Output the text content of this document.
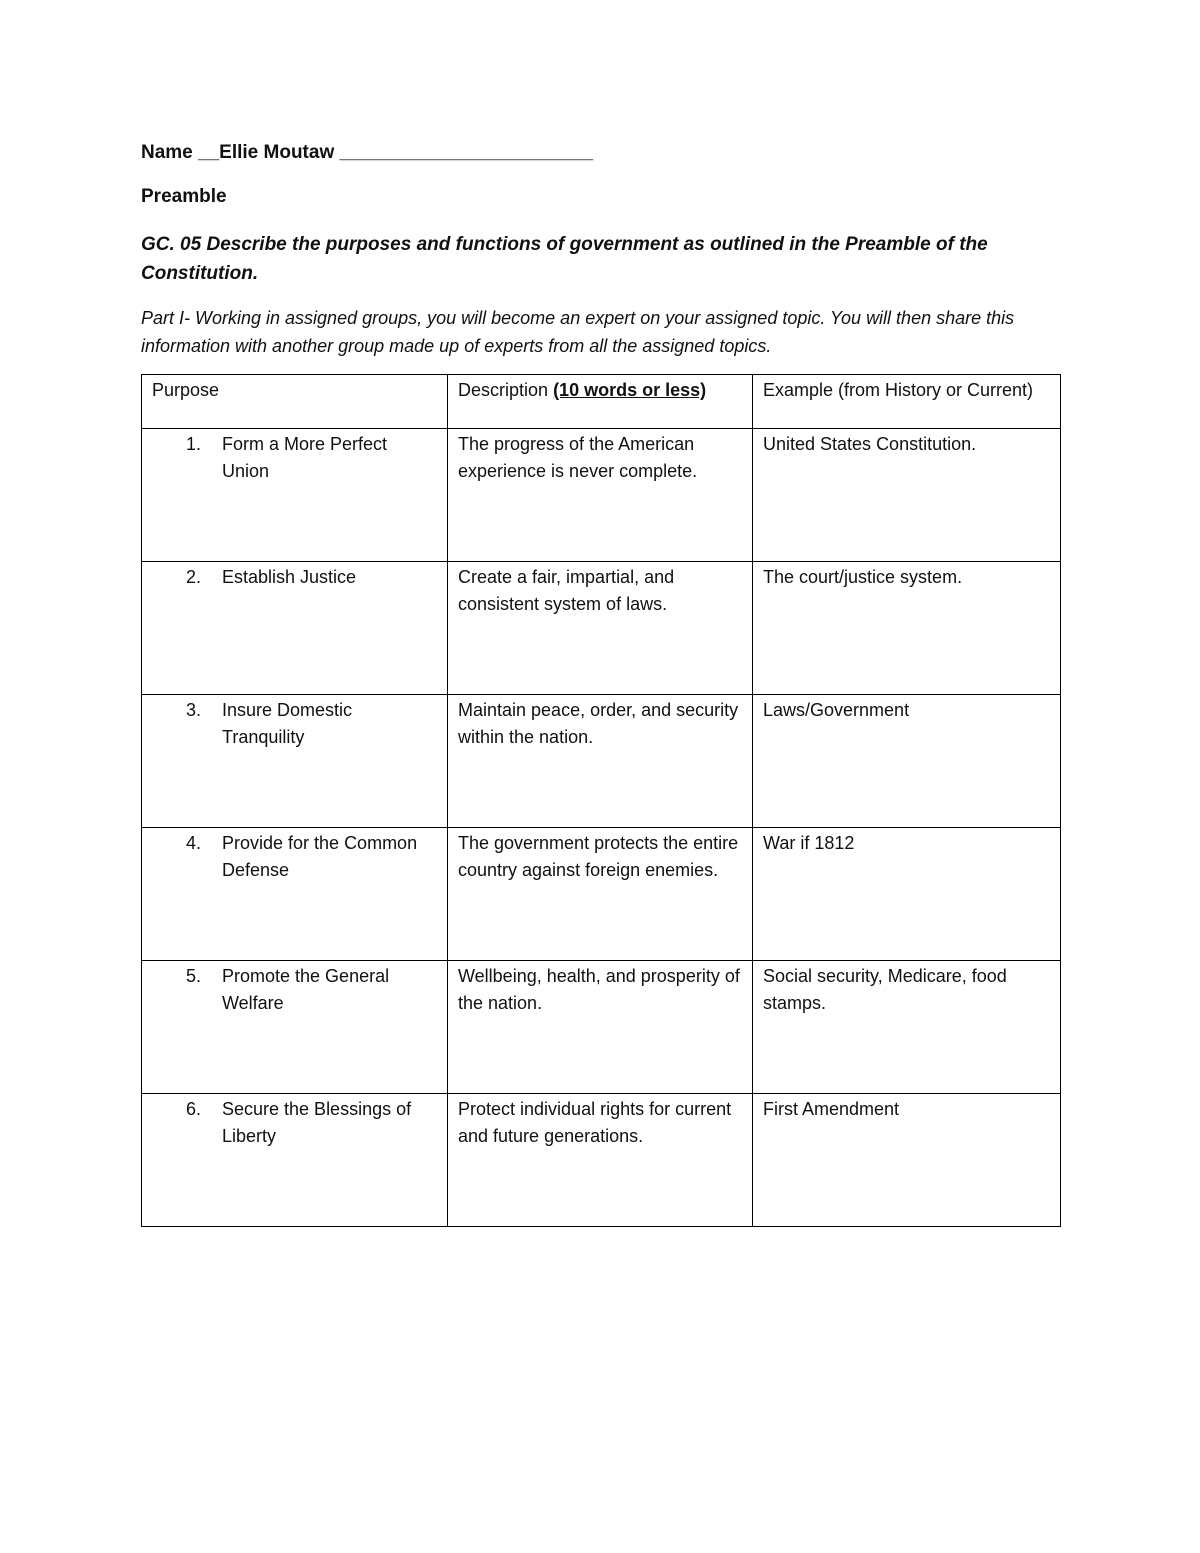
Name __Ellie Moutaw ________________________
Preamble
GC. 05 Describe the purposes and functions of government as outlined in the Preamble of the Constitution.
Part I- Working in assigned groups, you will become an expert on your assigned topic. You will then share this information with another group made up of experts from all the assigned topics.
Purpose	Description (10 words or less)	Example (from History or Current)

1. Form a More Perfect Union	The progress of the American experience is never complete.	United States Constitution.

2. Establish Justice	Create a fair, impartial, and consistent system of laws.	The court/justice system.

3. Insure Domestic Tranquility	Maintain peace, order, and security within the nation.	Laws/Government

4. Provide for the Common Defense	The government protects the entire country against foreign enemies.	War if 1812

5. Promote the General Welfare	Wellbeing, health, and prosperity of the nation.	Social security, Medicare, food stamps.

6. Secure the Blessings of Liberty	Protect individual rights for current and future generations.	First Amendment
